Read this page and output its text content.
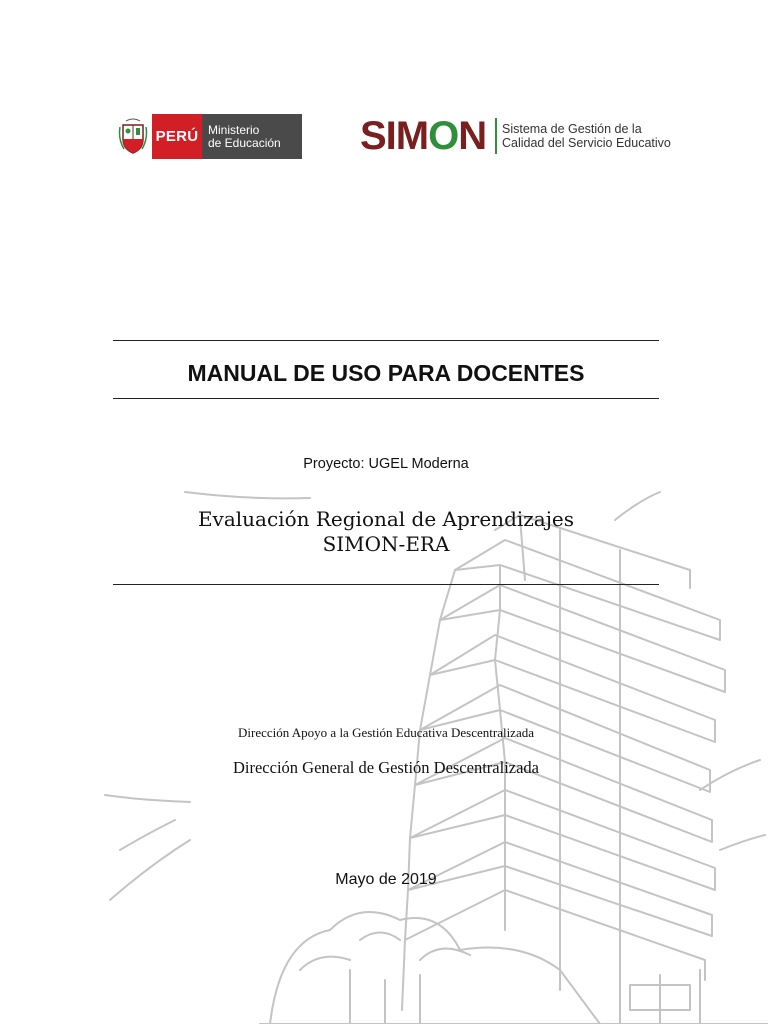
PERÚ Ministerio
de Educación	SIMON Sistema de Gestión de la
Calidad del Servicio Educativo
MANUAL DE USO PARA DOCENTES
Proyecto: UGEL Moderna
Evaluación Regional de Aprendizajes
SIMON-ERA
Dirección Apoyo a la Gestión Educativa Descentralizada
Dirección General de Gestión Descentralizada
Mayo de 2019
